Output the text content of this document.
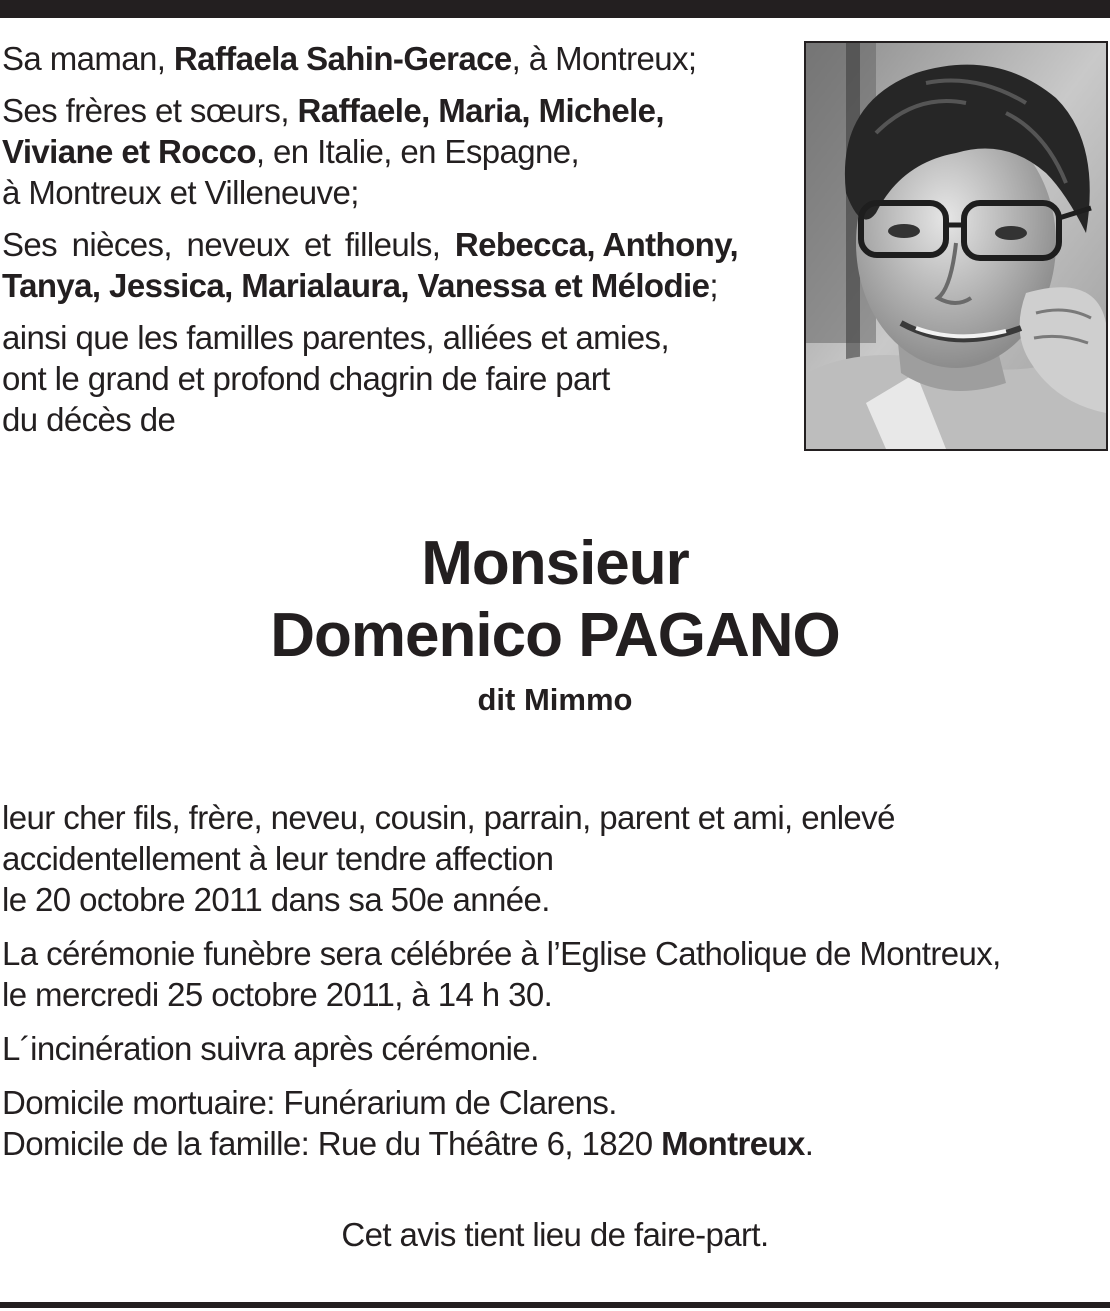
Sa maman, Raffaela Sahin-Gerace, à Montreux;

Ses frères et sœurs, Raffaele, Maria, Michele,
Viviane et Rocco, en Italie, en Espagne,
à Montreux et Villeneuve;

Ses nièces, neveux et filleuls, Rebecca, Anthony,
Tanya, Jessica, Marialaura, Vanessa et Mélodie;

ainsi que les familles parentes, alliées et amies,
ont le grand et profond chagrin de faire part
du décès de

Monsieur

Domenico PAGANO

dit Mimmo

leur cher fils, frère, neveu, cousin, parrain, parent et ami, enlevé
accidentellement à leur tendre affection
le 20 octobre 2011 dans sa 50e année.

La cérémonie funèbre sera célébrée à l’Eglise Catholique de Montreux,
le mercredi 25 octobre 2011, à 14 h 30.

L´incinération suivra après cérémonie.

Domicile mortuaire: Funérarium de Clarens.
Domicile de la famille: Rue du Théâtre 6, 1820 Montreux.

Cet avis tient lieu de faire-part.
